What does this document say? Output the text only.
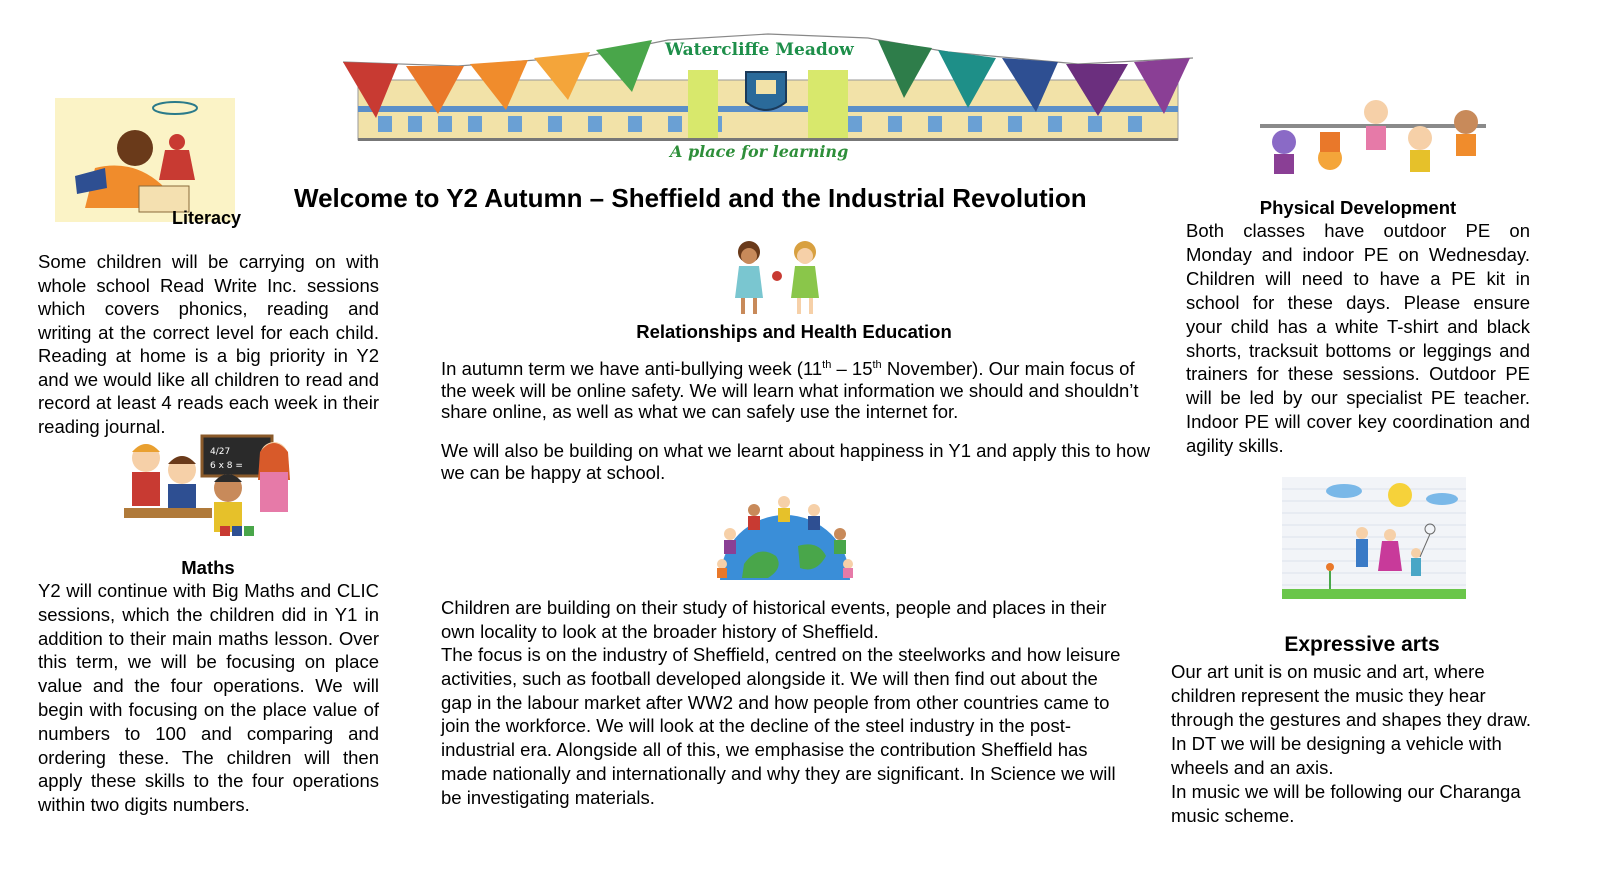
Watercliffe Meadow
A place for learning
Welcome to Y2 Autumn – Sheffield and the Industrial Revolution
Literacy

Some children will be carrying on with whole school Read Write Inc. sessions which covers phonics, reading and writing at the correct level for each child. Reading at home is a big priority in Y2 and we would like all children to read and record at least 4 reads each week in their reading journal.

4/27
6 x 8 =

Maths

Y2 will continue with Big Maths and CLIC sessions, which the children did in Y1 in addition to their main maths lesson. Over this term, we will be focusing on place value and the four operations. We will begin with focusing on the place value of numbers to 100 and comparing and ordering these. The children will then apply these skills to the four operations within two digits numbers.

Relationships and Health Education

In autumn term we have anti-bullying week (11th – 15th November). Our main focus of the week will be online safety. We will learn what information we should and shouldn’t share online, as well as what we can safely use the internet for.

We will also be building on what we learnt about happiness in Y1 and apply this to how we can be happy at school.

Children are building on their study of historical events, people and places in their own locality to look at the broader history of Sheffield.

The focus is on the industry of Sheffield, centred on the steelworks and how leisure activities, such as football developed alongside it. We will then find out about the gap in the labour market after WW2 and how people from other countries came to join the workforce. We will look at the decline of the steel industry in the post-industrial era. Alongside all of this, we emphasise the contribution Sheffield has made nationally and internationally and why they are significant. In Science we will be investigating materials.

Physical Development

Both classes have outdoor PE on Monday and indoor PE on Wednesday. Children will need to have a PE kit in school for these days. Please ensure your child has a white T-shirt and black shorts, tracksuit bottoms or leggings and trainers for these sessions. Outdoor PE will be led by our specialist PE teacher. Indoor PE will cover key coordination and agility skills.

Expressive arts

Our art unit is on music and art, where children represent the music they hear through the gestures and shapes they draw. In DT we will be designing a vehicle with wheels and an axis.

In music we will be following our Charanga music scheme.
